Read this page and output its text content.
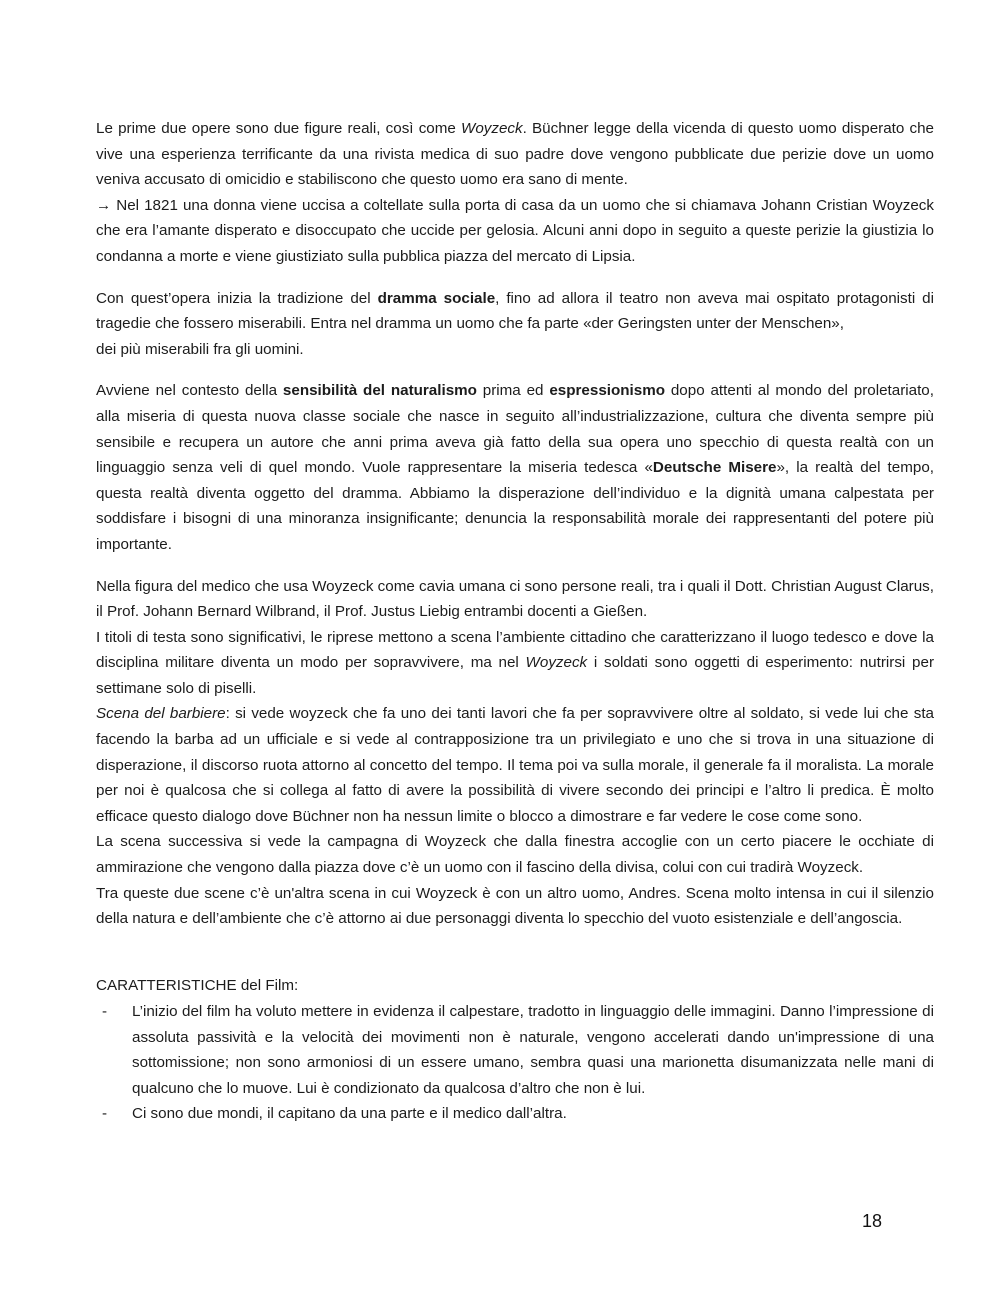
Le prime due opere sono due figure reali, così come Woyzeck. Büchner legge della vicenda di questo uomo disperato che vive una esperienza terrificante da una rivista medica di suo padre dove vengono pubblicate due perizie dove un uomo veniva accusato di omicidio e stabiliscono che questo uomo era sano di mente.
→ Nel 1821 una donna viene uccisa a coltellate sulla porta di casa da un uomo che si chiamava Johann Cristian Woyzeck che era l’amante disperato e disoccupato che uccide per gelosia. Alcuni anni dopo in seguito a queste perizie la giustizia lo condanna a morte e viene giustiziato sulla pubblica piazza del mercato di Lipsia.

Con quest’opera inizia la tradizione del dramma sociale, fino ad allora il teatro non aveva mai ospitato protagonisti di tragedie che fossero miserabili. Entra nel dramma un uomo che fa parte «der Geringsten unter der Menschen»,
dei più miserabili fra gli uomini.

Avviene nel contesto della sensibilità del naturalismo prima ed espressionismo dopo attenti al mondo del proletariato, alla miseria di questa nuova classe sociale che nasce in seguito all’industrializzazione, cultura che diventa sempre più sensibile e recupera un autore che anni prima aveva già fatto della sua opera uno specchio di questa realtà con un linguaggio senza veli di quel mondo. Vuole rappresentare la miseria tedesca «Deutsche Misere», la realtà del tempo, questa realtà diventa oggetto del dramma. Abbiamo la disperazione dell’individuo e la dignità umana calpestata per soddisfare i bisogni di una minoranza insignificante; denuncia la responsabilità morale dei rappresentanti del potere più importante.

Nella figura del medico che usa Woyzeck come cavia umana ci sono persone reali, tra i quali il Dott. Christian August Clarus, il Prof. Johann Bernard Wilbrand, il Prof. Justus Liebig entrambi docenti a Gießen.
I titoli di testa sono significativi, le riprese mettono a scena l’ambiente cittadino che caratterizzano il luogo tedesco e dove la disciplina militare diventa un modo per sopravvivere, ma nel Woyzeck i soldati sono oggetti di esperimento: nutrirsi per settimane solo di piselli.
Scena del barbiere: si vede woyzeck che fa uno dei tanti lavori che fa per sopravvivere oltre al soldato, si vede lui che sta facendo la barba ad un ufficiale e si vede al contrapposizione tra un privilegiato e uno che si trova in una situazione di disperazione, il discorso ruota attorno al concetto del tempo. Il tema poi va sulla morale, il generale fa il moralista. La morale per noi è qualcosa che si collega al fatto di avere la possibilità di vivere secondo dei principi e l’altro li predica. È molto efficace questo dialogo dove Büchner non ha nessun limite o blocco a dimostrare e far vedere le cose come sono.
La scena successiva si vede la campagna di Woyzeck che dalla finestra accoglie con un certo piacere le occhiate di ammirazione che vengono dalla piazza dove c’è un uomo con il fascino della divisa, colui con cui tradirà Woyzeck.
Tra queste due scene c’è un'altra scena in cui Woyzeck è con un altro uomo, Andres. Scena molto intensa in cui il silenzio della natura e dell’ambiente che c’è attorno ai due personaggi diventa lo specchio del vuoto esistenziale e dell’angoscia.

CARATTERISTICHE del Film:
- L’inizio del film ha voluto mettere in evidenza il calpestare, tradotto in linguaggio delle immagini. Danno l’impressione di assoluta passività e la velocità dei movimenti non è naturale, vengono accelerati dando un'impressione di una sottomissione; non sono armoniosi di un essere umano, sembra quasi una marionetta disumanizzata nelle mani di qualcuno che lo muove. Lui è condizionato da qualcosa d’altro che non è lui.
- Ci sono due mondi, il capitano da una parte e il medico dall’altra.
18
